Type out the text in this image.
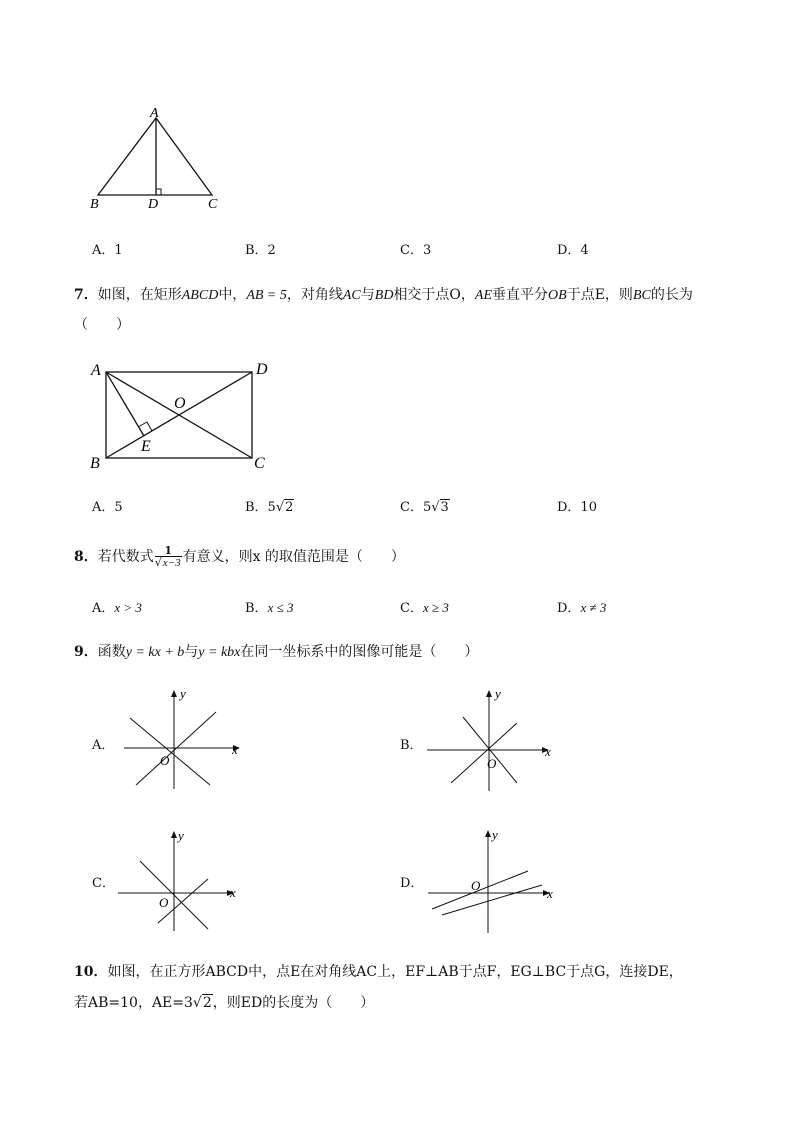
A
B	D	C
A．1	B．2	C．3	D．4
7．如图，在矩形ABCD中，AB = 5，对角线AC与BD相交于点O，AE垂直平分OB于点E，则BC的长为
（　　）
A	D
O
E
B	C
A．5	B．5√2	C．5√3	D．10
8．若代数式 $\frac{1}{√x-3}$ 有意义，则x 的取值范围是（　　）
A．x > 3	B．x ≤ 3	C．x ≥ 3	D．x ≠ 3
9．函数y = kx + b与y = kbx在同一坐标系中的图像可能是（　　）
A．
y
x
O
B．
y
x
O
C．
y
x
O
D．
y
x
O
10．如图，在正方形ABCD中，点E在对角线AC上，EF⊥AB于点F，EG⊥BC于点G，连接DE，
若AB=10，AE=3√2，则ED的长度为（　　）
